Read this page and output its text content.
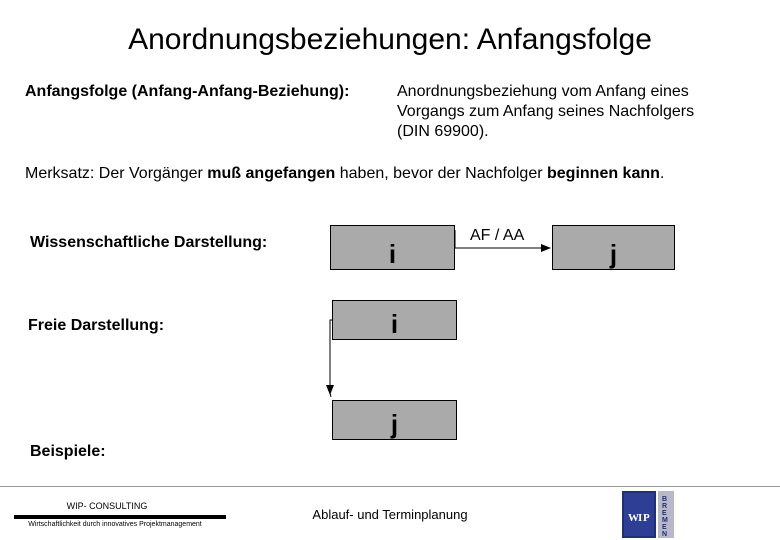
Anordnungsbeziehungen: Anfangsfolge
Anfangsfolge (Anfang-Anfang-Beziehung):	Anordnungsbeziehung vom Anfang eines
Vorgangs zum Anfang seines Nachfolgers
(DIN 69900).
Merksatz: Der Vorgänger muß angefangen haben, bevor der Nachfolger beginnen kann.
Wissenschaftliche Darstellung:	i
AF / AA
j
Freie Darstellung:	i
j
Beispiele:
WIP- CONSULTING
Wirtschaftlichkeit durch innovatives Projektmanagement
Ablauf- und Terminplanung	W I P
B
R
E
M
E
N
